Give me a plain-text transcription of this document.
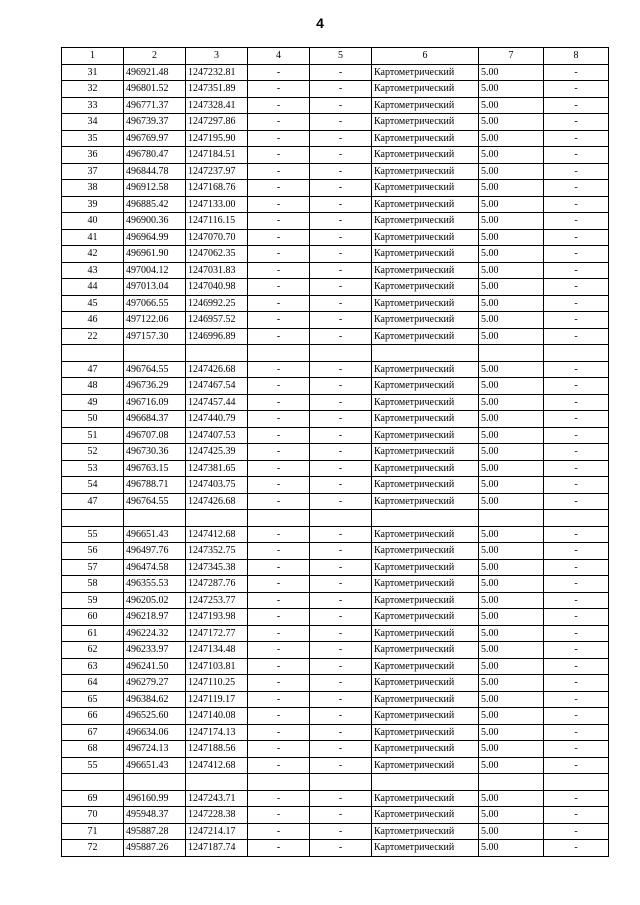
4
1	2	3	4	5	6	7	8
31	496921.48	1247232.81	-	-	Картометрический	5.00	-
32	496801.52	1247351.89	-	-	Картометрический	5.00	-
33	496771.37	1247328.41	-	-	Картометрический	5.00	-
34	496739.37	1247297.86	-	-	Картометрический	5.00	-
35	496769.97	1247195.90	-	-	Картометрический	5.00	-
36	496780.47	1247184.51	-	-	Картометрический	5.00	-
37	496844.78	1247237.97	-	-	Картометрический	5.00	-
38	496912.58	1247168.76	-	-	Картометрический	5.00	-
39	496885.42	1247133.00	-	-	Картометрический	5.00	-
40	496900.36	1247116.15	-	-	Картометрический	5.00	-
41	496964.99	1247070.70	-	-	Картометрический	5.00	-
42	496961.90	1247062.35	-	-	Картометрический	5.00	-
43	497004.12	1247031.83	-	-	Картометрический	5.00	-
44	497013.04	1247040.98	-	-	Картометрический	5.00	-
45	497066.55	1246992.25	-	-	Картометрический	5.00	-
46	497122.06	1246957.52	-	-	Картометрический	5.00	-
22	497157.30	1246996.89	-	-	Картометрический	5.00	-

47	496764.55	1247426.68	-	-	Картометрический	5.00	-
48	496736.29	1247467.54	-	-	Картометрический	5.00	-
49	496716.09	1247457.44	-	-	Картометрический	5.00	-
50	496684.37	1247440.79	-	-	Картометрический	5.00	-
51	496707.08	1247407.53	-	-	Картометрический	5.00	-
52	496730.36	1247425.39	-	-	Картометрический	5.00	-
53	496763.15	1247381.65	-	-	Картометрический	5.00	-
54	496788.71	1247403.75	-	-	Картометрический	5.00	-
47	496764.55	1247426.68	-	-	Картометрический	5.00	-

55	496651.43	1247412.68	-	-	Картометрический	5.00	-
56	496497.76	1247352.75	-	-	Картометрический	5.00	-
57	496474.58	1247345.38	-	-	Картометрический	5.00	-
58	496355.53	1247287.76	-	-	Картометрический	5.00	-
59	496205.02	1247253.77	-	-	Картометрический	5.00	-
60	496218.97	1247193.98	-	-	Картометрический	5.00	-
61	496224.32	1247172.77	-	-	Картометрический	5.00	-
62	496233.97	1247134.48	-	-	Картометрический	5.00	-
63	496241.50	1247103.81	-	-	Картометрический	5.00	-
64	496279.27	1247110.25	-	-	Картометрический	5.00	-
65	496384.62	1247119.17	-	-	Картометрический	5.00	-
66	496525.60	1247140.08	-	-	Картометрический	5.00	-
67	496634.06	1247174.13	-	-	Картометрический	5.00	-
68	496724.13	1247188.56	-	-	Картометрический	5.00	-
55	496651.43	1247412.68	-	-	Картометрический	5.00	-

69	496160.99	1247243.71	-	-	Картометрический	5.00	-
70	495948.37	1247228.38	-	-	Картометрический	5.00	-
71	495887.28	1247214.17	-	-	Картометрический	5.00	-
72	495887.26	1247187.74	-	-	Картометрический	5.00	-
